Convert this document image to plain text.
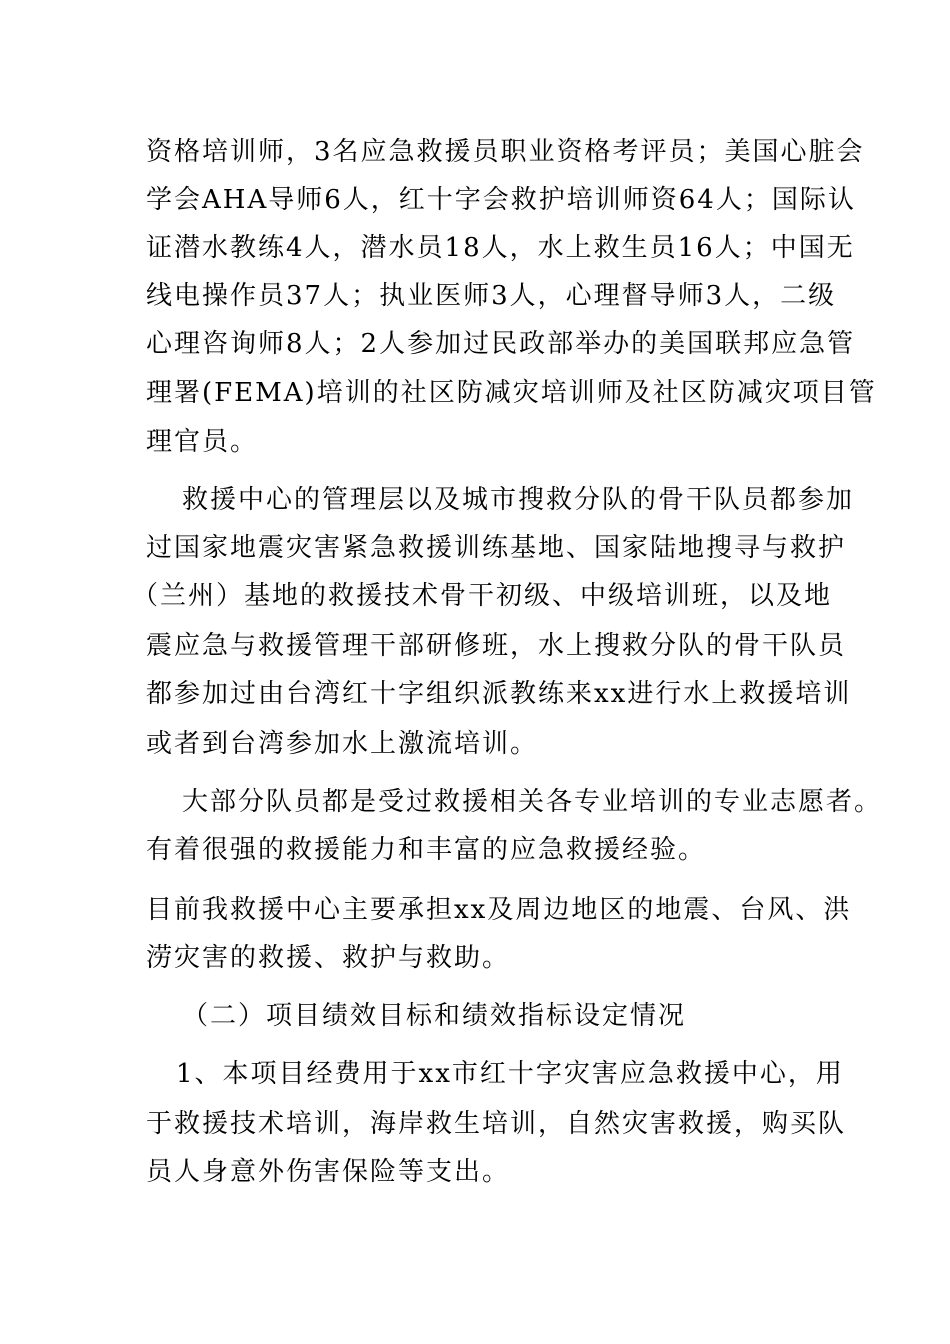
资格培训师，3名应急救援员职业资格考评员；美国心脏会
学会AHA导师6人，红十字会救护培训师资64人；国际认
证潜水教练4人，潜水员18人，水上救生员16人；中国无
线电操作员37人；执业医师3人，心理督导师3人，二级
心理咨询师8人；2人参加过民政部举办的美国联邦应急管
理署(FEMA)培训的社区防减灾培训师及社区防减灾项目管
理官员。
救援中心的管理层以及城市搜救分队的骨干队员都参加
过国家地震灾害紧急救援训练基地、国家陆地搜寻与救护
（兰州）基地的救援技术骨干初级、中级培训班，以及地
震应急与救援管理干部研修班，水上搜救分队的骨干队员
都参加过由台湾红十字组织派教练来xx进行水上救援培训
或者到台湾参加水上激流培训。
大部分队员都是受过救援相关各专业培训的专业志愿者。
有着很强的救援能力和丰富的应急救援经验。
目前我救援中心主要承担xx及周边地区的地震、台风、洪
涝灾害的救援、救护与救助。
（二）项目绩效目标和绩效指标设定情况
1、本项目经费用于xx市红十字灾害应急救援中心，用
于救援技术培训，海岸救生培训，自然灾害救援，购买队
员人身意外伤害保险等支出。
